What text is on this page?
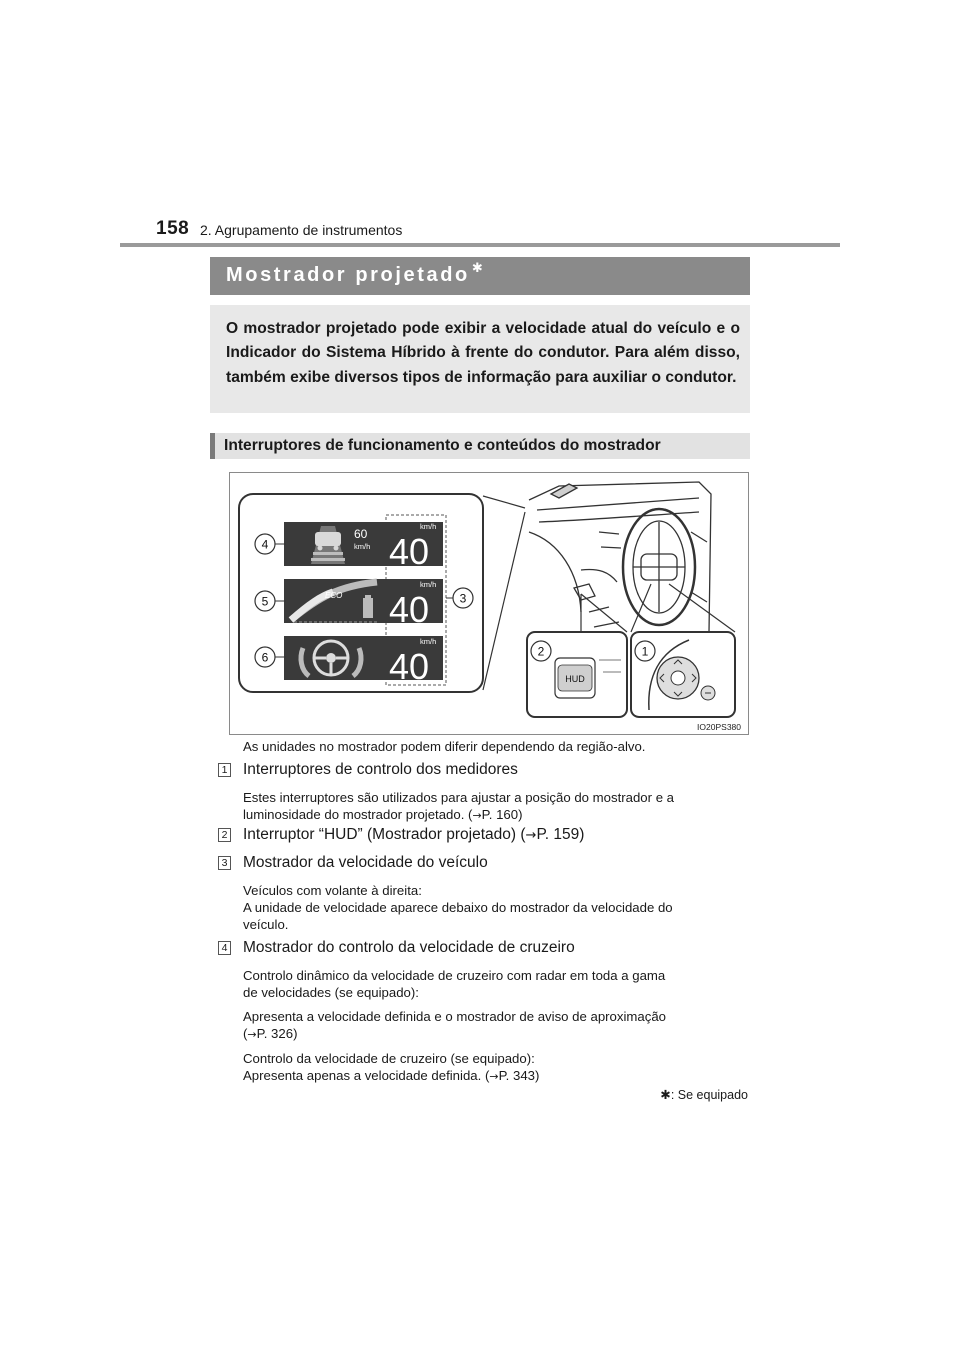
158 2. Agrupamento de instrumentos
Mostrador projetado ✱
O mostrador projetado pode exibir a velocidade atual do veículo e o Indicador do Sistema Híbrido à frente do condutor. Para além disso, também exibe diversos tipos de informação para auxiliar o condutor.
Interruptores de funcionamento e conteúdos do mostrador
60
km/h
km/h
40
ECO
km/h
40
km/h
40	HUD
4
5
6
3
2	1
IO20PS380
As unidades no mostrador podem diferir dependendo da região-alvo.
1 Interruptores de controlo dos medidores
Estes interruptores são utilizados para ajustar a posição do mostrador e a
luminosidade do mostrador projetado. (→P. 160)
2 Interruptor “HUD” (Mostrador projetado) (→P. 159)
3 Mostrador da velocidade do veículo
Veículos com volante à direita:
A unidade de velocidade aparece debaixo do mostrador da velocidade do
veículo.
4 Mostrador do controlo da velocidade de cruzeiro

Controlo dinâmico da velocidade de cruzeiro com radar em toda a gama
de velocidades (se equipado):

Apresenta a velocidade definida e o mostrador de aviso de aproximação
(→P. 326)

Controlo da velocidade de cruzeiro (se equipado):
Apresenta apenas a velocidade definida. (→P. 343)

✱: Se equipado
